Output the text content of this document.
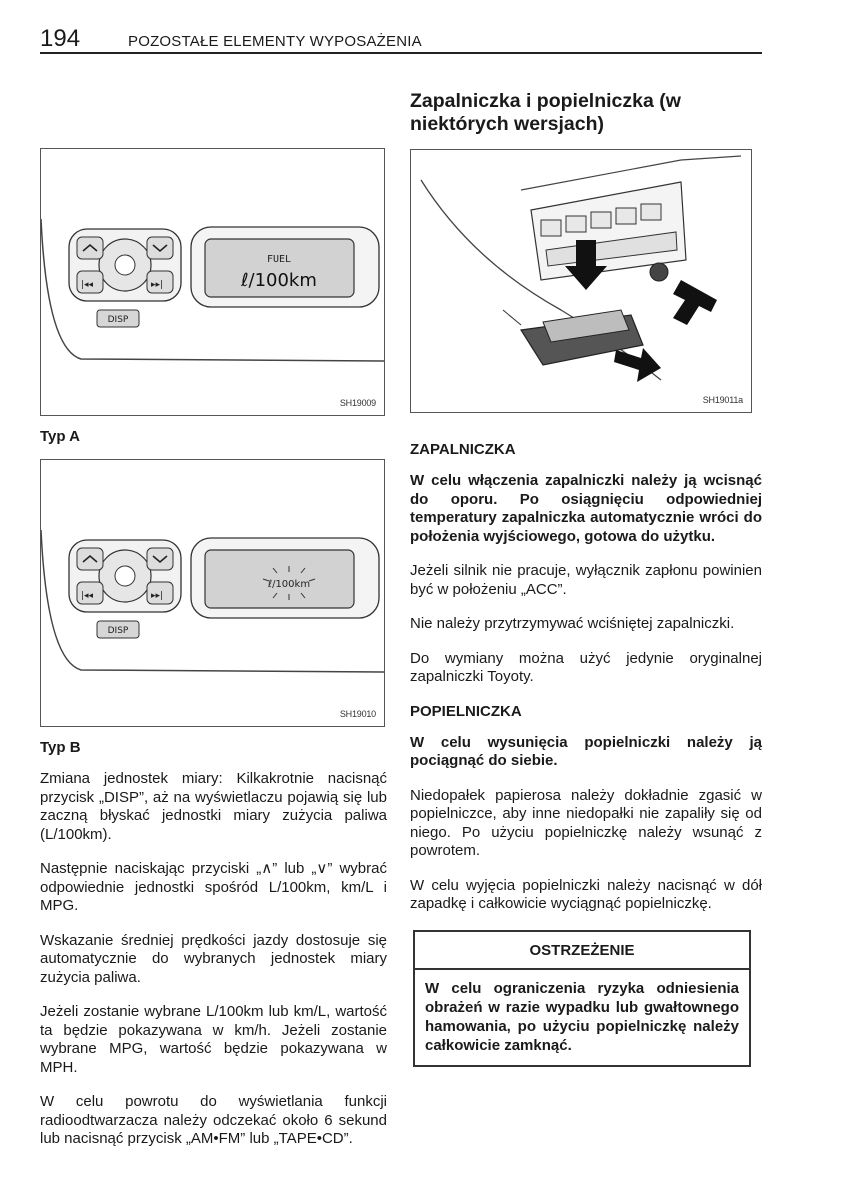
194	POZOSTAŁE ELEMENTY WYPOSAŻENIA
|◂◂	▸▸|
DISP
FUEL
ℓ/100km
SH19009
Typ A
|◂◂	▸▸|
DISP
ℓ/100km
SH19010
Typ B

Zmiana jednostek miary: Kilkakrotnie nacisnąć przycisk „DISP”, aż na wyświetlaczu pojawią się lub zaczną błyskać jednostki miary zużycia paliwa (L/100km).

Następnie naciskając przyciski „∧” lub „∨” wybrać odpowiednie jednostki spośród L/100km, km/L i MPG.

Wskazanie średniej prędkości jazdy dostosuje się automatycznie do wybranych jednostek miary zużycia paliwa.

Jeżeli zostanie wybrane L/100km lub km/L, wartość ta będzie pokazywana w km/h. Jeżeli zostanie wybrane MPG, wartość będzie pokazywana w MPH.

W celu powrotu do wyświetlania funkcji radioodtwarzacza należy odczekać około 6 sekund lub nacisnąć przycisk „AM•FM” lub „TAPE•CD”.

Zapalniczka i popielniczka (w niektórych wersjach)
SH19011a
ZAPALNICZKA

W celu włączenia zapalniczki należy ją wcisnąć do oporu. Po osiągnięciu odpowiedniej temperatury zapalniczka automatycznie wróci do położenia wyjściowego, gotowa do użytku.

Jeżeli silnik nie pracuje, wyłącznik zapłonu powinien być w położeniu „ACC”.

Nie należy przytrzymywać wciśniętej zapalniczki.

Do wymiany można użyć jedynie oryginalnej zapalniczki Toyoty.

POPIELNICZKA

W celu wysunięcia popielniczki należy ją pociągnąć do siebie.

Niedopałek papierosa należy dokładnie zgasić w popielniczce, aby inne niedopałki nie zapaliły się od niego. Po użyciu popielniczkę należy wsunąć z powrotem.

W celu wyjęcia popielniczki należy nacisnąć w dół zapadkę i całkowicie wyciągnąć popielniczkę.

OSTRZEŻENIE
W celu ograniczenia ryzyka odniesienia obrażeń w razie wypadku lub gwałtownego hamowania, po użyciu popielniczkę należy całkowicie zamknąć.
